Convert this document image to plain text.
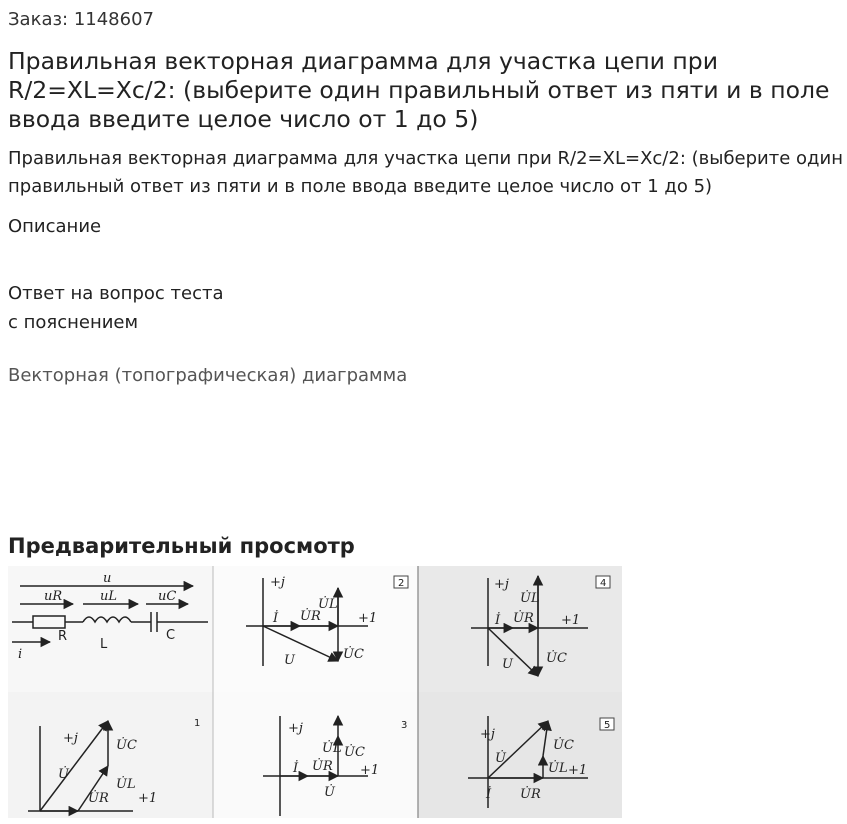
Заказ: 1148607
Правильная векторная диаграмма для участка цепи при R/2=XL=Xc/2: (выберите один правильный ответ из пяти и в поле ввода введите целое число от 1 до 5)
Правильная векторная диаграмма для участка цепи при R/2=XL=Xc/2: (выберите один правильный ответ из пяти и в поле ввода введите целое число от 1 до 5)
Описание
Ответ на вопрос теста
с пояснением
Векторная (топографическая) диаграмма
Предварительный просмотр
u
uR	uL	uC
R
L
C
i
+j
+1
İ U̇R
U̇L
U̇C
U
2	+j
+1
İ U̇R
U̇L
U̇C
U
4
+j
+1
U̇
U̇R
U̇L
U̇C
1	+j
+1
İ U̇R
U̇L U̇C
U̇
3
+j
+1
İ U̇R
U̇L
U̇C
U̇
5
